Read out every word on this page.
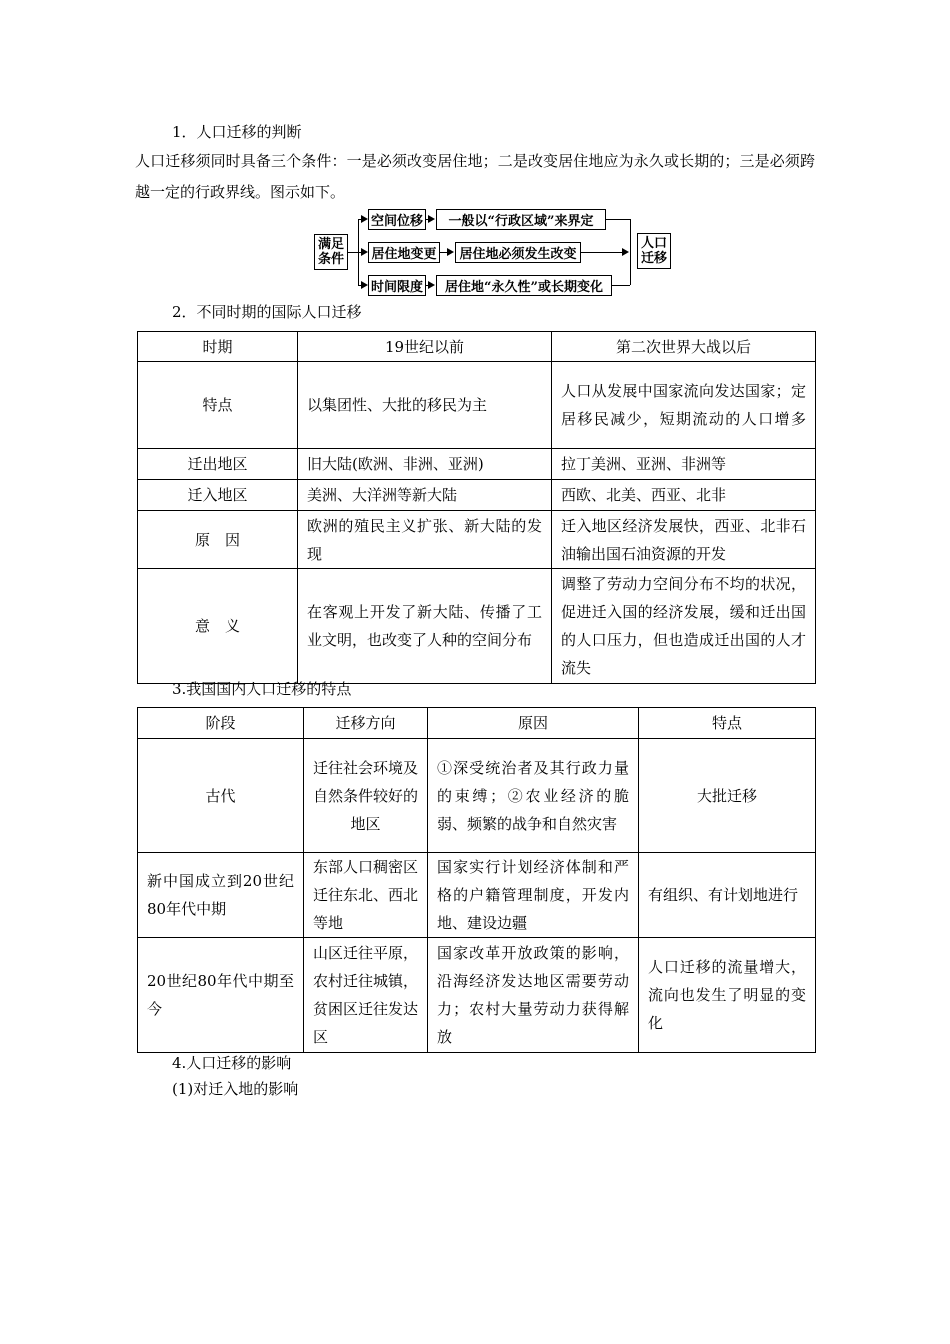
1．人口迁移的判断
人口迁移须同时具备三个条件：一是必须改变居住地；二是改变居住地应为永久或长期的；三是必须跨越一定的行政界线。图示如下。
满足
条件
空间位移	一般以“行政区域”来界定
居住地变更	居住地必须发生改变
时间限度	居住地“永久性”或长期变化
人口
迁移
2．不同时期的国际人口迁移
时期	19世纪以前	第二次世界大战以后
特点	以集团性、大批的移民为主	人口从发展中国家流向发达国家；定居移民减少，短期流动的人口增多
迁出地区	旧大陆(欧洲、非洲、亚洲)	拉丁美洲、亚洲、非洲等
迁入地区	美洲、大洋洲等新大陆	西欧、北美、西亚、北非
原　因	欧洲的殖民主义扩张、新大陆的发现	迁入地区经济发展快，西亚、北非石油输出国石油资源的开发
意　义	在客观上开发了新大陆、传播了工业文明，也改变了人种的空间分布	调整了劳动力空间分布不均的状况，促进迁入国的经济发展，缓和迁出国的人口压力，但也造成迁出国的人才流失
3.我国国内人口迁移的特点
阶段	迁移方向	原因	特点
古代	迁往社会环境及自然条件较好的地区	①深受统治者及其行政力量的束缚；②农业经济的脆弱、频繁的战争和自然灾害	大批迁移
新中国成立到20世纪80年代中期	东部人口稠密区迁往东北、西北等地	国家实行计划经济体制和严格的户籍管理制度，开发内地、建设边疆	有组织、有计划地进行
20世纪80年代中期至今	山区迁往平原，农村迁往城镇，贫困区迁往发达区	国家改革开放政策的影响，沿海经济发达地区需要劳动力；农村大量劳动力获得解放	人口迁移的流量增大，流向也发生了明显的变化
4.人口迁移的影响
(1)对迁入地的影响
